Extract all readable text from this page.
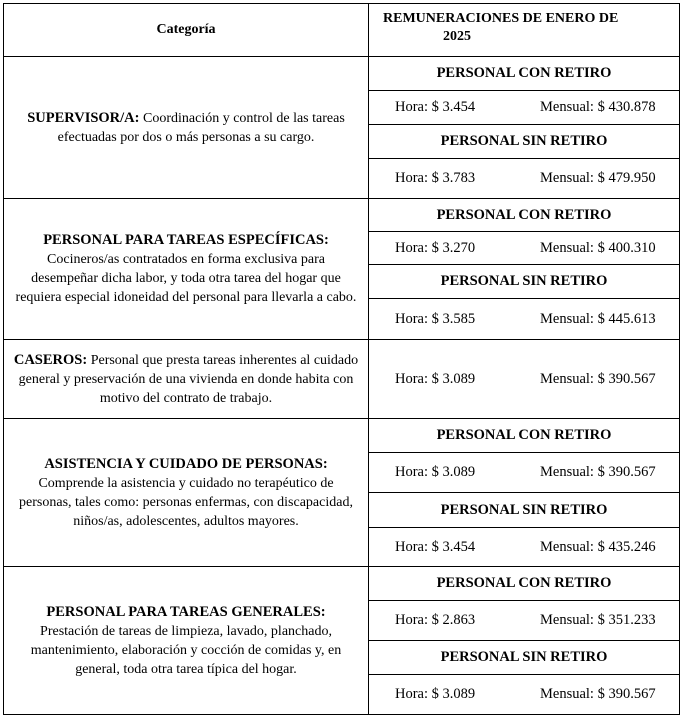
Categoría	REMUNERACIONES DE ENERO DE
2025

SUPERVISOR/A: Coordinación y control de las tareas efectuadas por dos o más personas a su cargo.	PERSONAL CON RETIRO
	Hora: $ 3.454 Mensual: $ 430.878
	PERSONAL SIN RETIRO
	Hora: $ 3.783 Mensual: $ 479.950

PERSONAL PARA TAREAS ESPECÍFICAS:
Cocineros/as contratados en forma exclusiva para desempeñar dicha labor, y toda otra tarea del hogar que requiera especial idoneidad del personal para llevarla a cabo.	PERSONAL CON RETIRO
	Hora: $ 3.270 Mensual: $ 400.310
	PERSONAL SIN RETIRO
	Hora: $ 3.585 Mensual: $ 445.613
CASEROS: Personal que presta tareas inherentes al cuidado general y preservación de una vivienda en donde habita con motivo del contrato de trabajo.	Hora: $ 3.089 Mensual: $ 390.567

ASISTENCIA Y CUIDADO DE PERSONAS:
Comprende la asistencia y cuidado no terapéutico de personas, tales como: personas enfermas, con discapacidad, niños/as, adolescentes, adultos mayores.	PERSONAL CON RETIRO
	Hora: $ 3.089 Mensual: $ 390.567
	PERSONAL SIN RETIRO
	Hora: $ 3.454 Mensual: $ 435.246

PERSONAL PARA TAREAS GENERALES:
Prestación de tareas de limpieza, lavado, planchado, mantenimiento, elaboración y cocción de comidas y, en general, toda otra tarea típica del hogar.	PERSONAL CON RETIRO
	Hora: $ 2.863 Mensual: $ 351.233
	PERSONAL SIN RETIRO
	Hora: $ 3.089 Mensual: $ 390.567
